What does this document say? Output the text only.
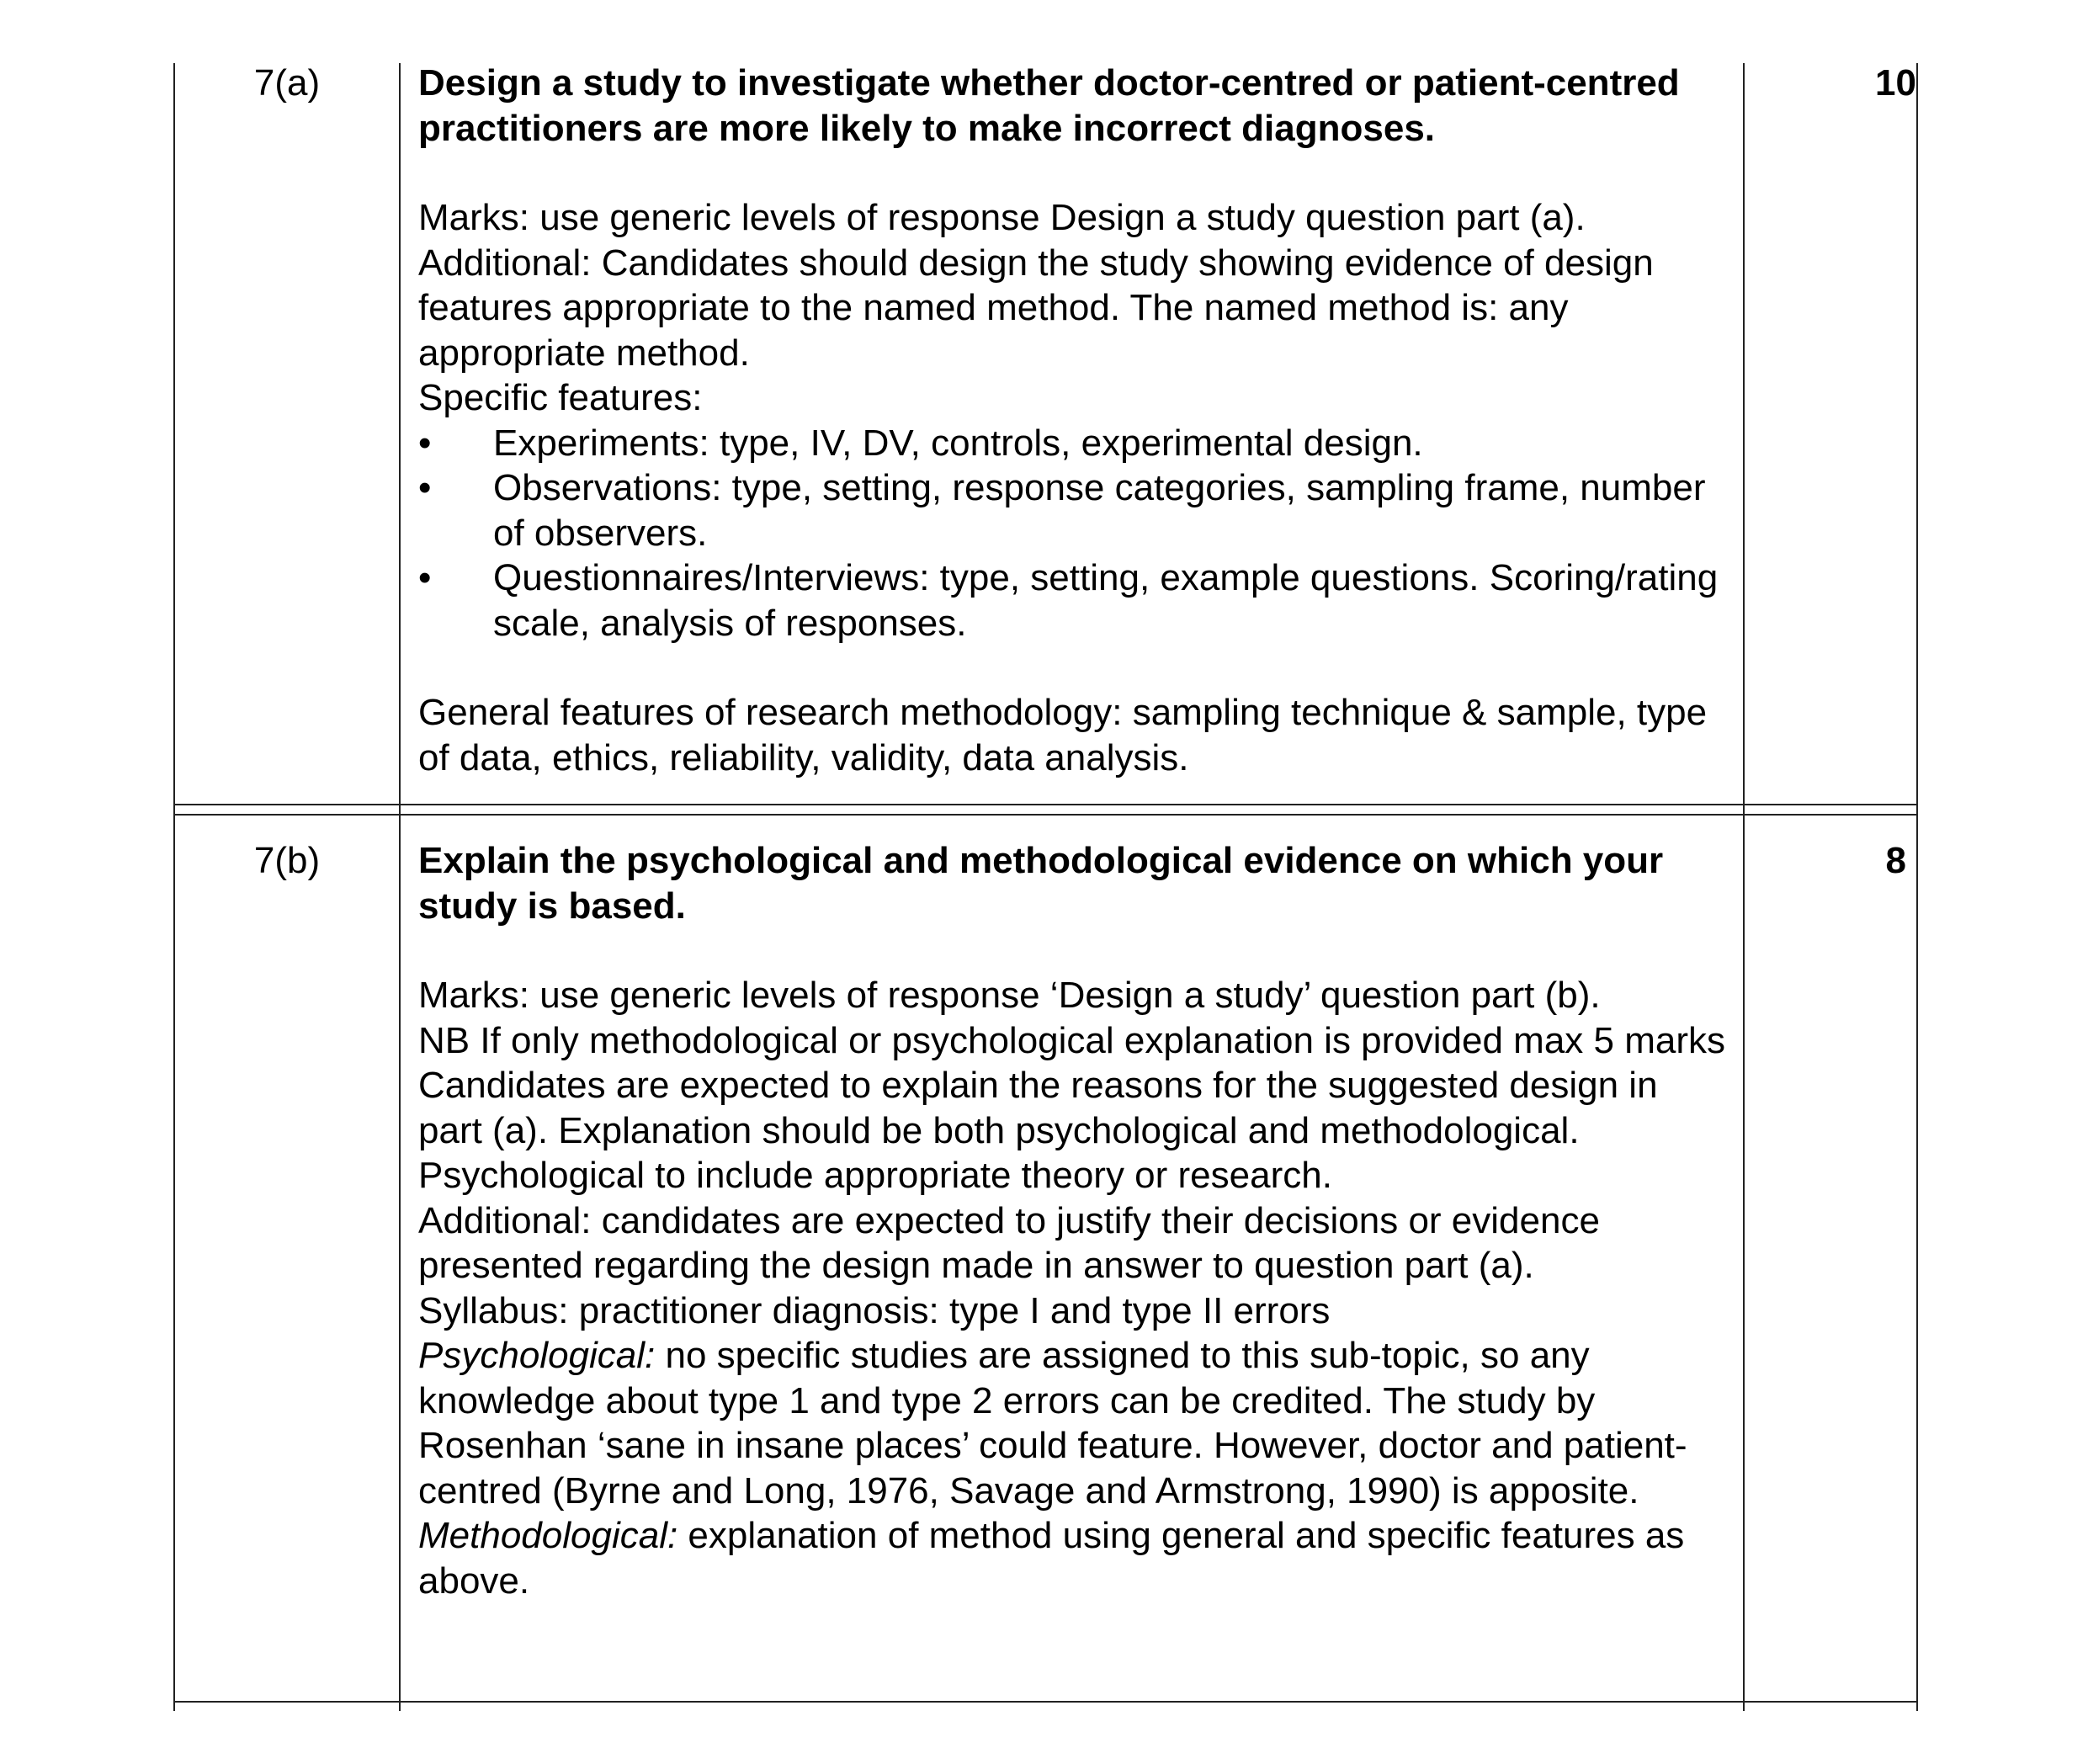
7(a)	Design a study to investigate whether doctor-centred or patient-centred practitioners are more likely to make incorrect diagnoses.

Marks: use generic levels of response Design a study question part (a).

Additional: Candidates should design the study showing evidence of design features appropriate to the named method. The named method is: any appropriate method.

Specific features:

• Experiments: type, IV, DV, controls, experimental design.
• Observations: type, setting, response categories, sampling frame, number of observers.
• Questionnaires/Interviews: type, setting, example questions. Scoring/rating scale, analysis of responses.

General features of research methodology: sampling technique & sample, type of data, ethics, reliability, validity, data analysis.

10
7(b)	Explain the psychological and methodological evidence on which your study is based.

Marks: use generic levels of response ‘Design a study’ question part (b).

NB If only methodological or psychological explanation is provided max 5 marks

Candidates are expected to explain the reasons for the suggested design in part (a). Explanation should be both psychological and methodological.

Psychological to include appropriate theory or research.

Additional: candidates are expected to justify their decisions or evidence presented regarding the design made in answer to question part (a).

Syllabus: practitioner diagnosis: type I and type II errors

Psychological: no specific studies are assigned to this sub-topic, so any knowledge about type 1 and type 2 errors can be credited. The study by Rosenhan ‘sane in insane places’ could feature. However, doctor and patient-centred (Byrne and Long, 1976, Savage and Armstrong, 1990) is apposite.

Methodological: explanation of method using general and specific features as above.

8
